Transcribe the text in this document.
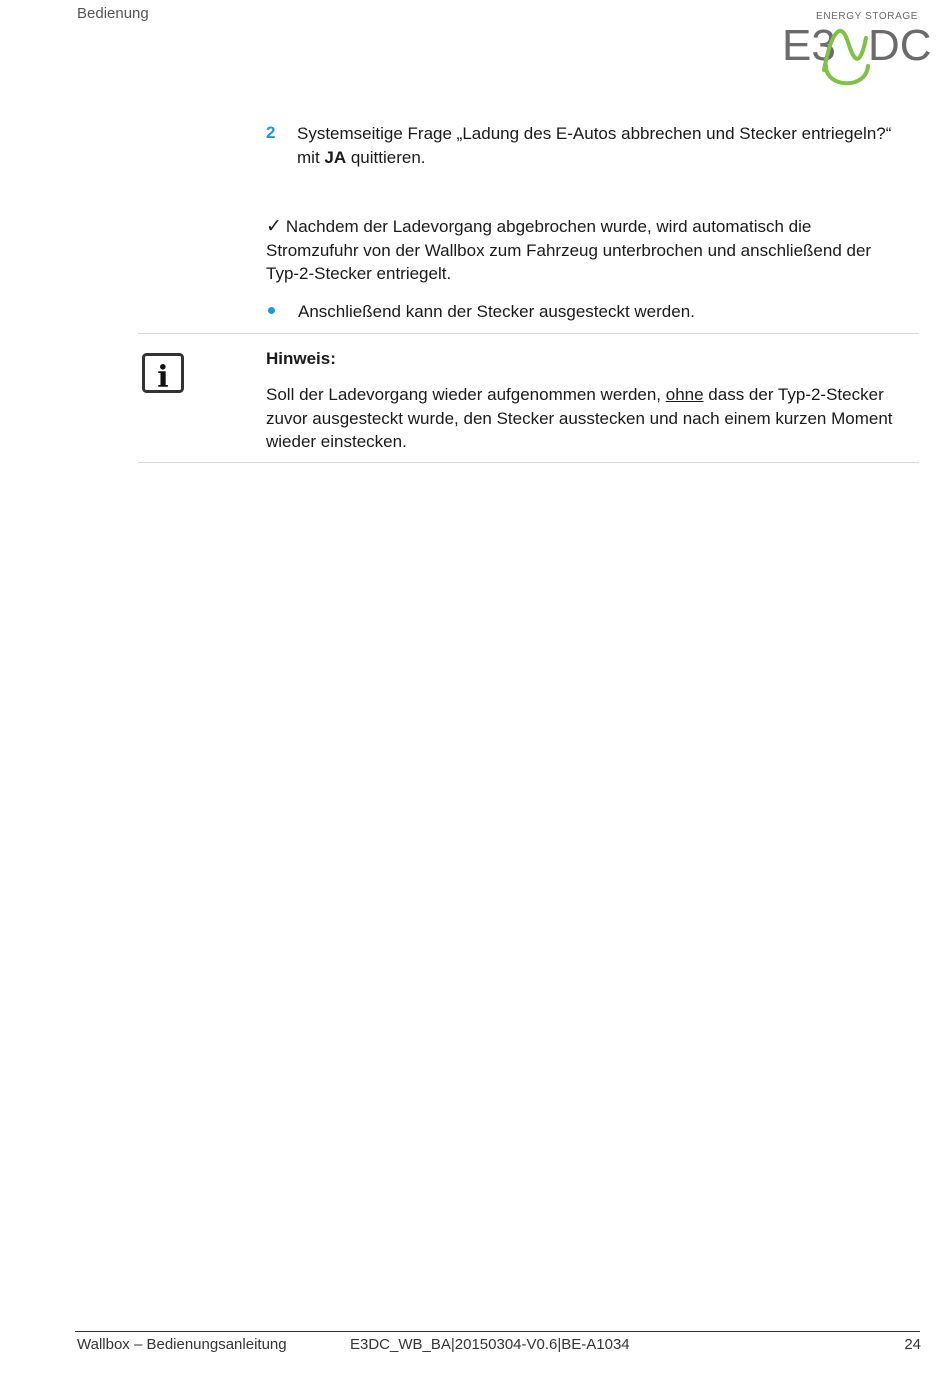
Bedienung	ENERGY STORAGE
E3 DC
2 Systemseitige Frage „Ladung des E-Autos abbrechen und Stecker entriegeln?“ mit JA quittieren.
✓ Nachdem der Ladevorgang abgebrochen wurde, wird automatisch die Stromzufuhr von der Wallbox zum Fahrzeug unterbrochen und anschließend der Typ-2-Stecker entriegelt.
Anschließend kann der Stecker ausgesteckt werden.
i
Hinweis:
Soll der Ladevorgang wieder aufgenommen werden, ohne dass der Typ-2-Stecker zuvor ausgesteckt wurde, den Stecker ausstecken und nach einem kurzen Moment wieder einstecken.
Wallbox – Bedienungsanleitung	E3DC_WB_BA|20150304-V0.6|BE-A1034	24
